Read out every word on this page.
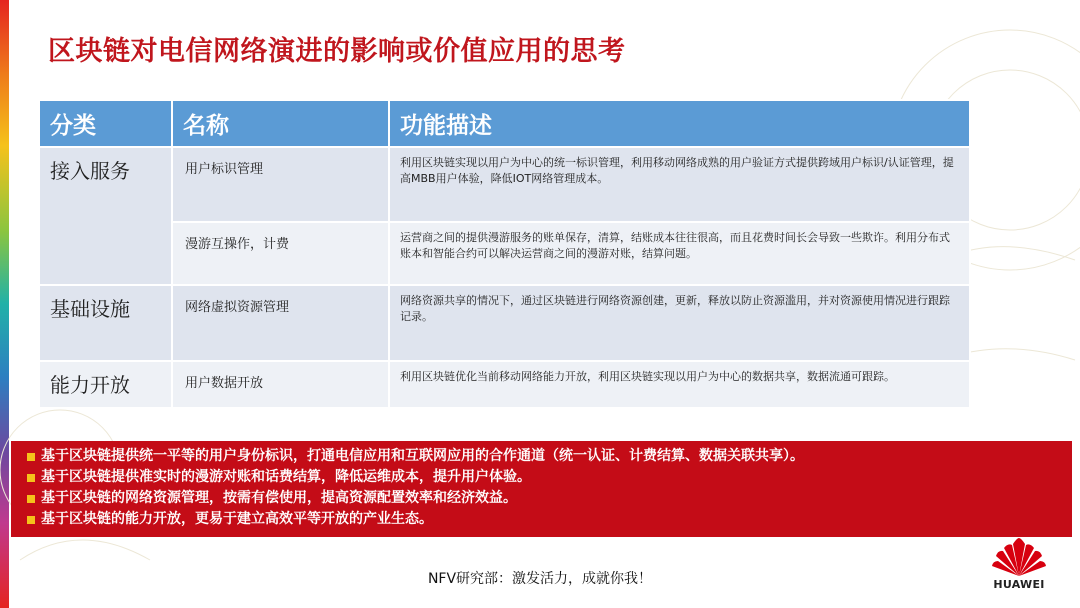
区块链对电信网络演进的影响或价值应用的思考
分类	名称	功能描述
接入服务	用户标识管理	利用区块链实现以用户为中心的统一标识管理，利用移动网络成熟的用户验证方式提供跨域用户标识/认证管理，提高MBB用户体验，降低IOT网络管理成本。
	漫游互操作，计费	运营商之间的提供漫游服务的账单保存，清算，结账成本往往很高，而且花费时间长会导致一些欺诈。利用分布式账本和智能合约可以解决运营商之间的漫游对账，结算问题。
基础设施	网络虚拟资源管理	网络资源共享的情况下，通过区块链进行网络资源创建，更新，释放以防止资源滥用，并对资源使用情况进行跟踪记录。
能力开放	用户数据开放	利用区块链优化当前移动网络能力开放，利用区块链实现以用户为中心的数据共享，数据流通可跟踪。
基于区块链提供统一平等的用户身份标识，打通电信应用和互联网应用的合作通道（统一认证、计费结算、数据关联共享）。
基于区块链提供准实时的漫游对账和话费结算，降低运维成本，提升用户体验。
基于区块链的网络资源管理，按需有偿使用，提高资源配置效率和经济效益。
基于区块链的能力开放，更易于建立高效平等开放的产业生态。
NFV研究部：激发活力，成就你我！	HUAWEI
